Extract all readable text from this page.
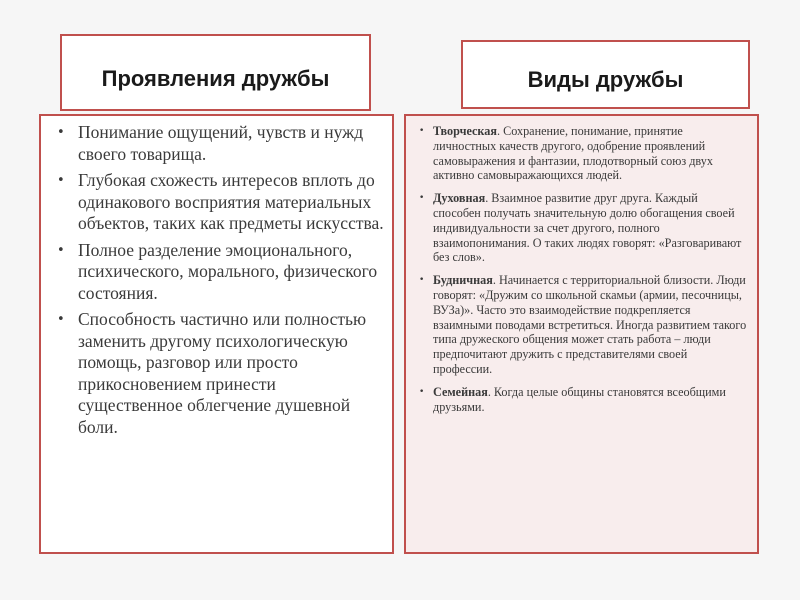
Проявления дружбы	Виды дружбы
• Понимание ощущений, чувств и нужд своего товарища.
• Глубокая схожесть интересов вплоть до одинакового восприятия материальных объектов, таких как предметы искусства.
• Полное разделение эмоционального, психического, морального, физического состояния.
• Способность частично или полностью заменить другому психологическую помощь, разговор или просто прикосновением принести существенное облегчение душевной боли.
• Творческая. Сохранение, понимание, принятие личностных качеств другого, одобрение проявлений самовыражения и фантазии, плодотворный союз двух активно самовыражающихся людей.
• Духовная. Взаимное развитие друг друга. Каждый способен получать значительную долю обогащения своей индивидуальности за счет другого, полного взаимопонимания. О таких людях говорят: «Разговаривают без слов».
• Будничная. Начинается с территориальной близости. Люди говорят: «Дружим со школьной скамьи (армии, песочницы, ВУЗа)». Часто это взаимодействие подкрепляется взаимными поводами встретиться. Иногда развитием такого типа дружеского общения может стать работа – люди предпочитают дружить с представителями своей профессии.
• Семейная. Когда целые общины становятся всеобщими друзьями.
